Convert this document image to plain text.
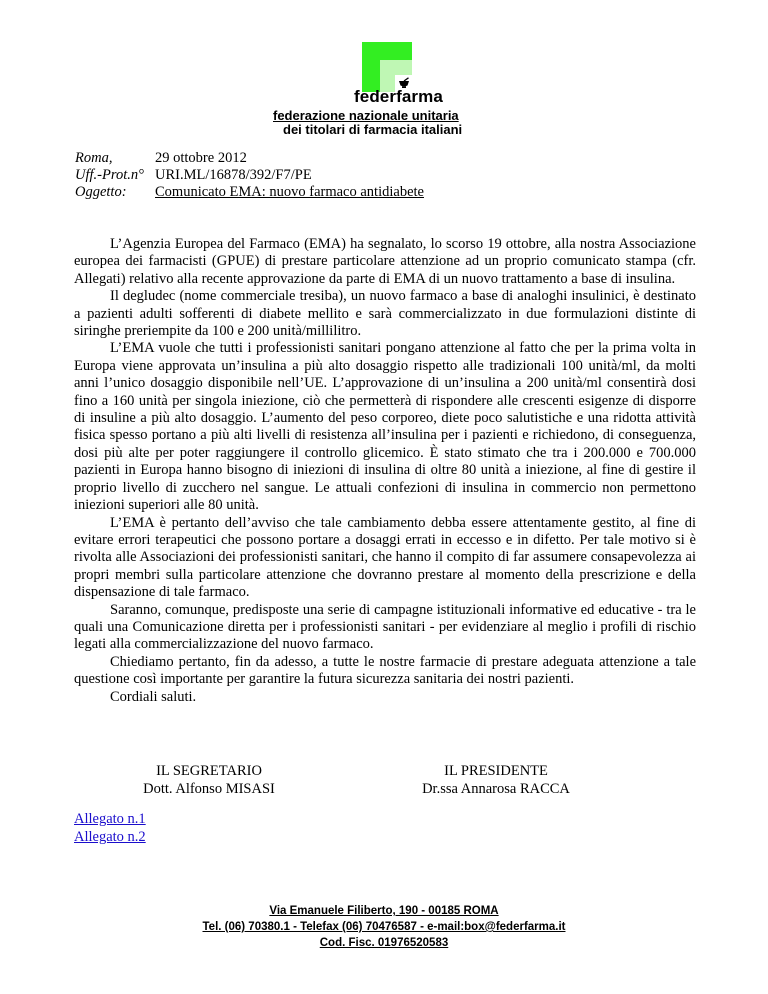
federfarma
federazione nazionale unitaria
dei titolari di farmacia italiani
Roma,	29 ottobre 2012
Uff.-Prot.n° URI.ML/16878/392/F7/PE
Oggetto:	Comunicato EMA: nuovo farmaco antidiabete

L’Agenzia Europea del Farmaco (EMA) ha segnalato, lo scorso 19 ottobre, alla nostra Associazione europea dei farmacisti (GPUE) di prestare particolare attenzione ad un proprio comunicato stampa (cfr. Allegati) relativo alla recente approvazione da parte di EMA di un nuovo trattamento a base di insulina.

Il degludec (nome commerciale tresiba), un nuovo farmaco a base di analoghi insulinici, è destinato a pazienti adulti sofferenti di diabete mellito e sarà commercializzato in due formulazioni distinte di siringhe preriempite da 100 e 200 unità/millilitro.

L’EMA vuole che tutti i professionisti sanitari pongano attenzione al fatto che per la prima volta in Europa viene approvata un’insulina a più alto dosaggio rispetto alle tradizionali 100 unità/ml, da molti anni l’unico dosaggio disponibile nell’UE. L’approvazione di un’insulina a 200 unità/ml consentirà dosi fino a 160 unità per singola iniezione, ciò che permetterà di rispondere alle crescenti esigenze di disporre di insuline a più alto dosaggio. L’aumento del peso corporeo, diete poco salutistiche e una ridotta attività fisica spesso portano a più alti livelli di resistenza all’insulina per i pazienti e richiedono, di conseguenza, dosi più alte per poter raggiungere il controllo glicemico. È stato stimato che tra i 200.000 e 700.000 pazienti in Europa hanno bisogno di iniezioni di insulina di oltre 80 unità a iniezione, al fine di gestire il proprio livello di zucchero nel sangue. Le attuali confezioni di insulina in commercio non permettono iniezioni superiori alle 80 unità.

L’EMA è pertanto dell’avviso che tale cambiamento debba essere attentamente gestito, al fine di evitare errori terapeutici che possono portare a dosaggi errati in eccesso e in difetto. Per tale motivo si è rivolta alle Associazioni dei professionisti sanitari, che hanno il compito di far assumere consapevolezza ai propri membri sulla particolare attenzione che dovranno prestare al momento della prescrizione e della dispensazione di tale farmaco.

Saranno, comunque, predisposte una serie di campagne istituzionali informative ed educative - tra le quali una Comunicazione diretta per i professionisti sanitari - per evidenziare al meglio i profili di rischio legati alla commercializzazione del nuovo farmaco.

Chiediamo pertanto, fin da adesso, a tutte le nostre farmacie di prestare adeguata attenzione a tale questione così importante per garantire la futura sicurezza sanitaria dei nostri pazienti.

Cordiali saluti.

IL SEGRETARIO
Dott. Alfonso MISASI
IL PRESIDENTE
Dr.ssa Annarosa RACCA
Allegato n.1
Allegato n.2
Via Emanuele Filiberto, 190 - 00185 ROMA
Tel. (06) 70380.1 - Telefax (06) 70476587 - e-mail:box@federfarma.it
Cod. Fisc. 01976520583
